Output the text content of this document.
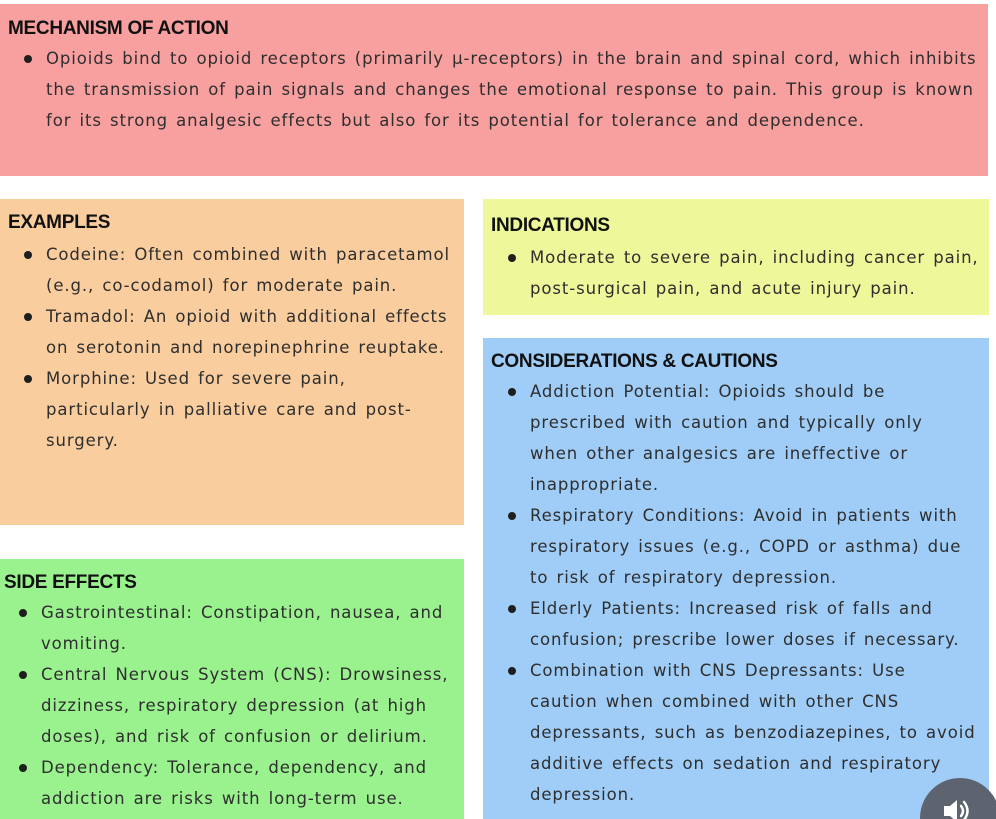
MECHANISM OF ACTION
Opioids bind to opioid receptors (primarily μ-receptors) in the brain and spinal cord, which inhibits the transmission of pain signals and changes the emotional response to pain. This group is known for its strong analgesic effects but also for its potential for tolerance and dependence.
EXAMPLES
Codeine: Often combined with paracetamol (e.g., co-codamol) for moderate pain.
Tramadol: An opioid with additional effects on serotonin and norepinephrine reuptake.
Morphine: Used for severe pain, particularly in palliative care and post-surgery.
INDICATIONS
Moderate to severe pain, including cancer pain, post-surgical pain, and acute injury pain.
CONSIDERATIONS & CAUTIONS
Addiction Potential: Opioids should be prescribed with caution and typically only when other analgesics are ineffective or inappropriate.
Respiratory Conditions: Avoid in patients with respiratory issues (e.g., COPD or asthma) due to risk of respiratory depression.
Elderly Patients: Increased risk of falls and confusion; prescribe lower doses if necessary.
Combination with CNS Depressants: Use caution when combined with other CNS depressants, such as benzodiazepines, to avoid additive effects on sedation and respiratory depression.
SIDE EFFECTS
Gastrointestinal: Constipation, nausea, and vomiting.
Central Nervous System (CNS): Drowsiness, dizziness, respiratory depression (at high doses), and risk of confusion or delirium.
Dependency: Tolerance, dependency, and addiction are risks with long-term use.
